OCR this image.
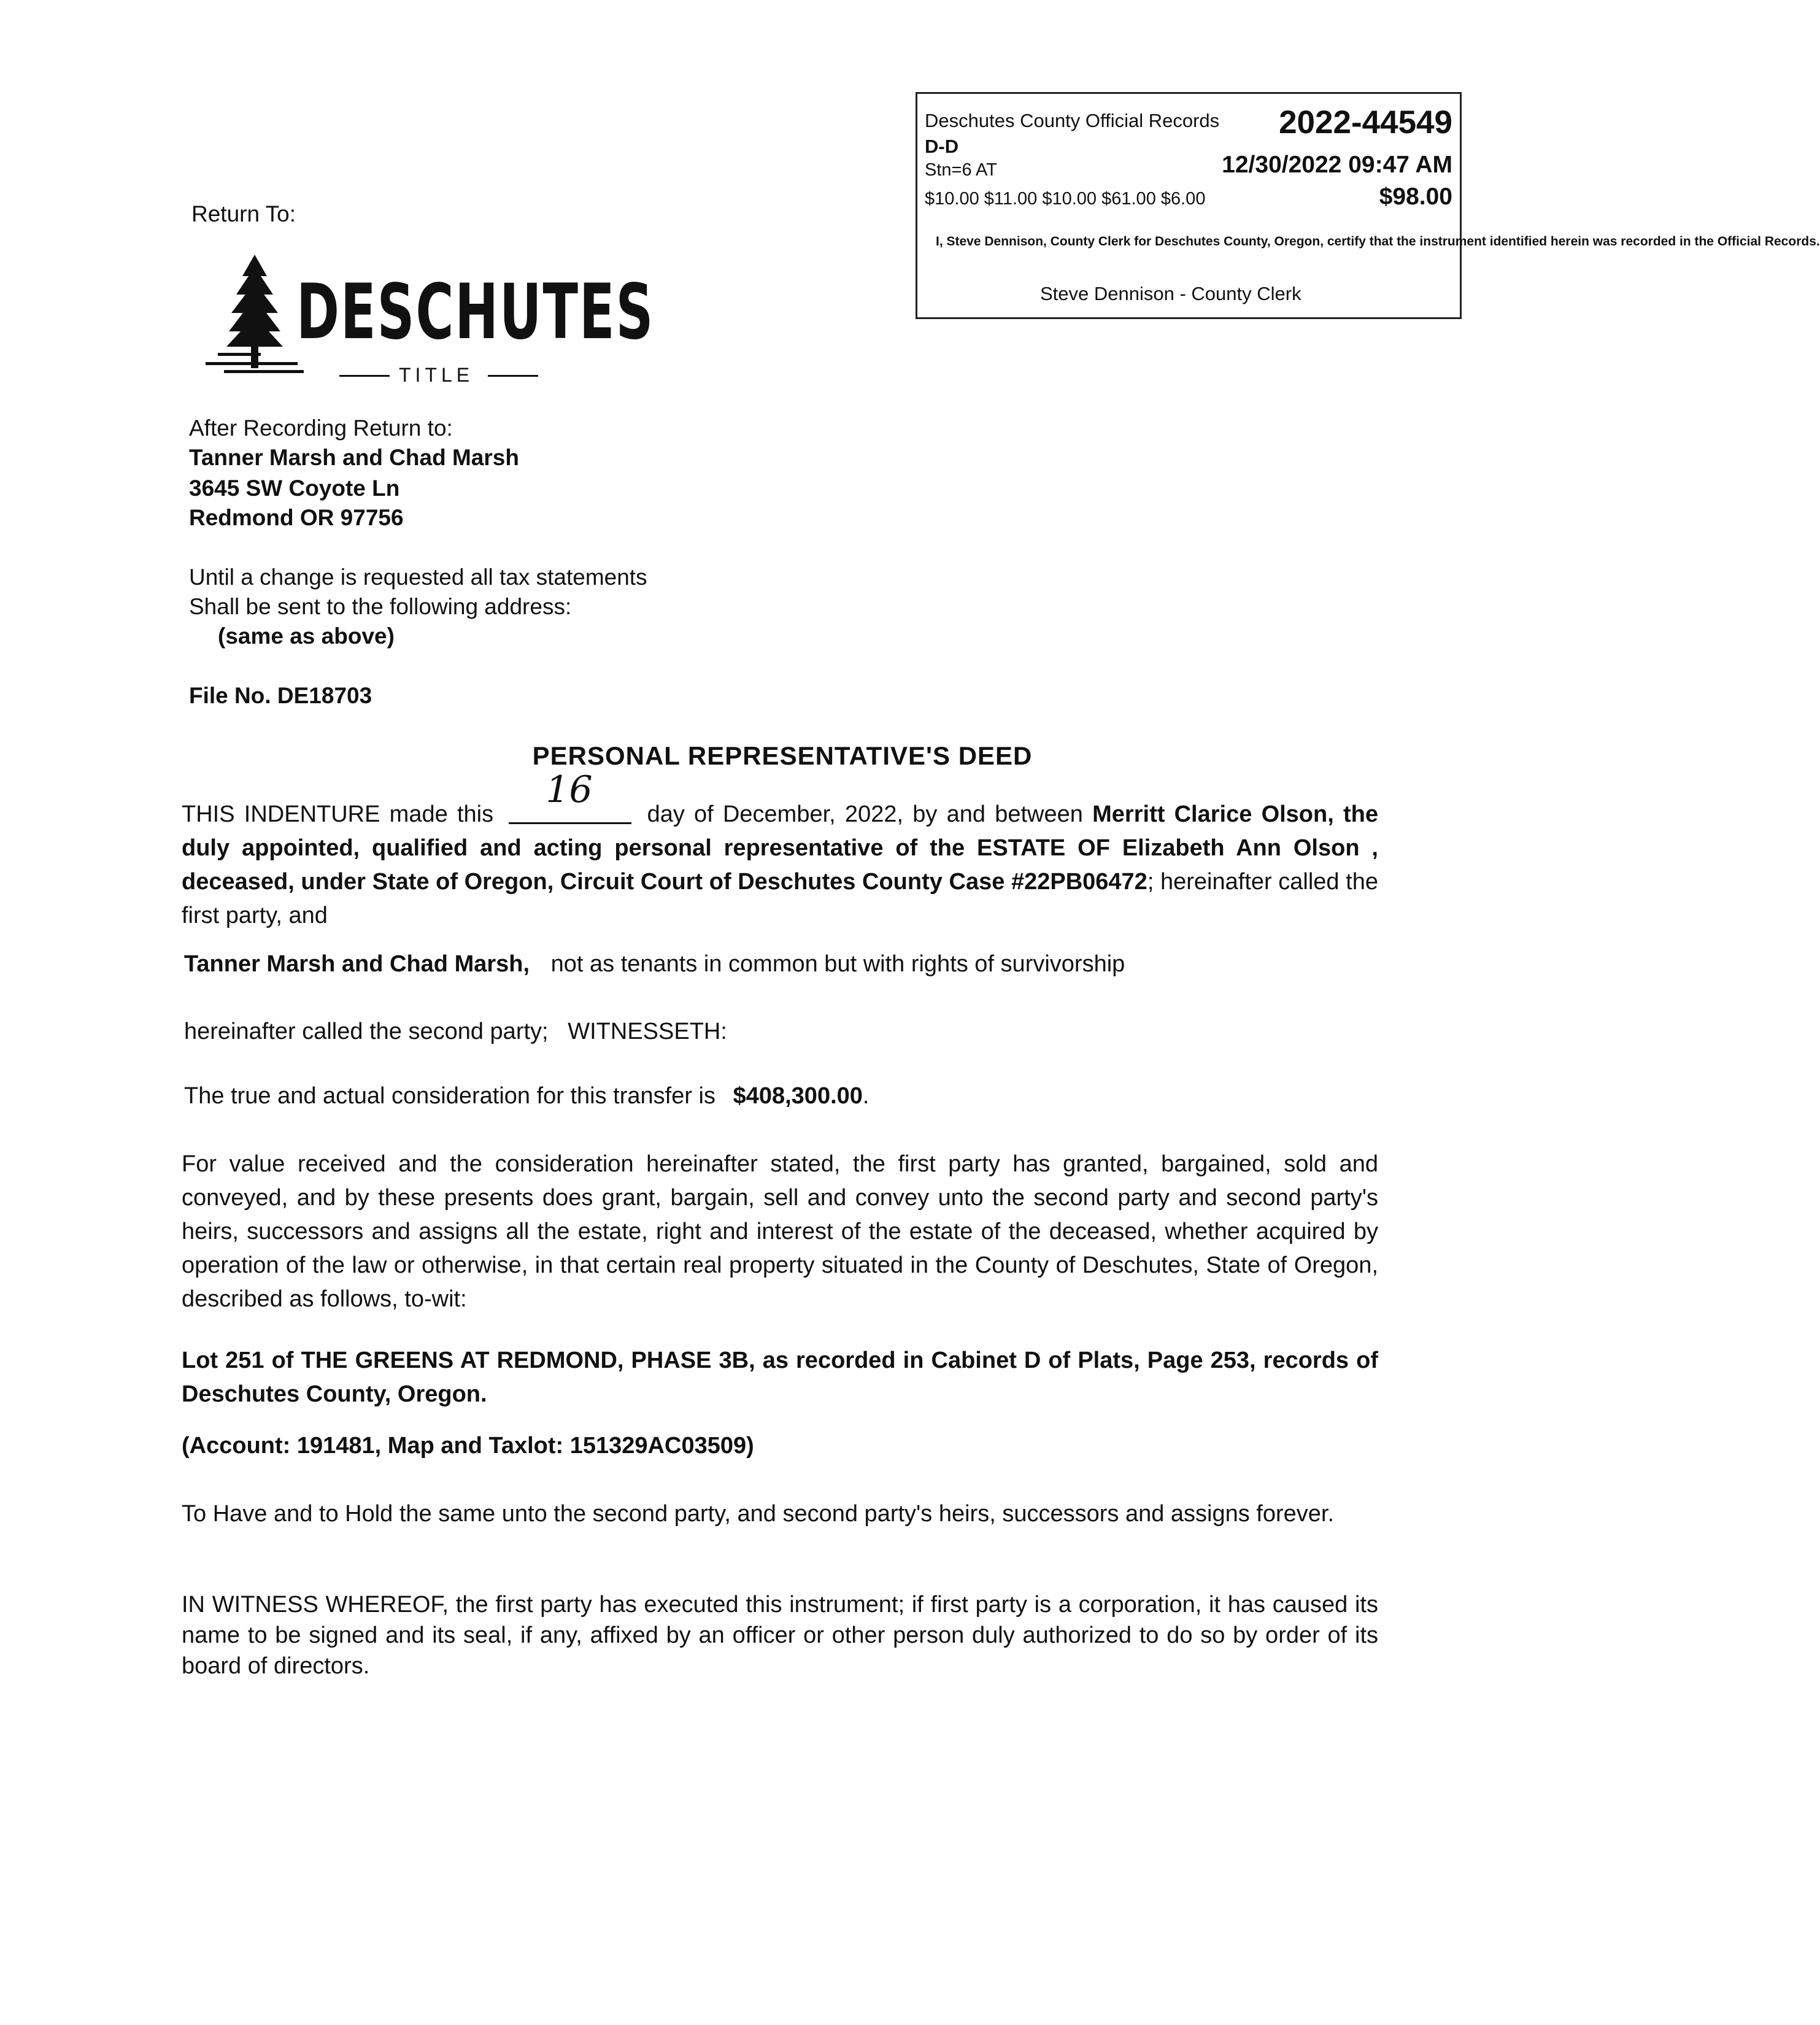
Deschutes County Official Records 2022-44549
D-D
Stn=6 AT	12/30/2022 09:47 AM
$10.00 $11.00 $10.00 $61.00 $6.00	$98.00
I, Steve Dennison, County Clerk for Deschutes County, Oregon, certify that the instrument identified herein was recorded in the Official Records.
Steve Dennison - County Clerk
Return To:
DESCHUTES
TITLE
After Recording Return to:
Tanner Marsh and Chad Marsh
3645 SW Coyote Ln
Redmond OR 97756
Until a change is requested all tax statements
Shall be sent to the following address:
(same as above)
File No. DE18703
PERSONAL REPRESENTATIVE'S DEED
THIS INDENTURE made this
16
day of December, 2022, by and between Merritt Clarice Olson, the duly appointed, qualified and acting personal representative of the ESTATE OF Elizabeth Ann Olson , deceased, under State of Oregon, Circuit Court of Deschutes County Case #22PB06472; hereinafter called the first party, and
Tanner Marsh and Chad Marsh, not as tenants in common but with rights of survivorship
hereinafter called the second party;   WITNESSETH:
The true and actual consideration for this transfer is $408,300.00.
For value received and the consideration hereinafter stated, the first party has granted, bargained, sold and conveyed, and by these presents does grant, bargain, sell and convey unto the second party and second party's heirs, successors and assigns all the estate, right and interest of the estate of the deceased, whether acquired by operation of the law or otherwise, in that certain real property situated in the County of Deschutes, State of Oregon, described as follows, to-wit:
Lot 251 of THE GREENS AT REDMOND, PHASE 3B, as recorded in Cabinet D of Plats, Page 253, records of Deschutes County, Oregon.
(Account: 191481, Map and Taxlot: 151329AC03509)
To Have and to Hold the same unto the second party, and second party's heirs, successors and assigns forever.
IN WITNESS WHEREOF, the first party has executed this instrument; if first party is a corporation, it has caused its name to be signed and its seal, if any, affixed by an officer or other person duly authorized to do so by order of its board of directors.
